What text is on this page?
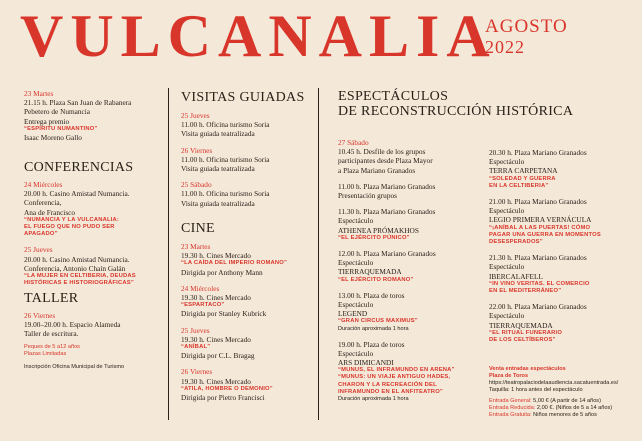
VULCANALIA
AGOSTO
2022
23 Martes
21.15 h. Plaza San Juan de Rabanera
Pebetero de Numancia
Entrega premio
“ESPÍRITU NUMANTINO”
Isaac Moreno Gallo
CONFERENCIAS
24 Miércoles
20.00 h. Casino Amistad Numancia.
Conferencia,
Ana de Francisco
“NUMANCIA Y LA VULCANALIA:
EL FUEGO QUE NO PUDO SER
APAGADO”
25 Jueves
20.00 h. Casino Amistad Numancia.
Conferencia, Antonio Chaín Galán
“LA MUJER EN CELTIBERIA, DEUDAS
HISTÓRICAS E HISTORIOGRÁFICAS”
TALLER
26 Viernes
19.00–20.00 h. Espacio Alameda
Taller de escritura.
Peques de 5 a12 años
Plazas Limitadas
Inscripción Oficina Municipal de Turismo
VISITAS GUIADAS
25 Jueves
11.00 h. Oficina turismo Soria
Visita guiada teatralizada
26 Viernes
11.00 h. Oficina turismo Soria
Visita guiada teatralizada
25 Sábado
11.00 h. Oficina turismo Soria
Visita guiada teatralizada
CINE
23 Martes
19.30 h. Cines Mercado
“LA CAÍDA DEL IMPERIO ROMANO”
Dirigida por Anthony Mann
24 Miércoles
19.30 h. Cines Mercado
“ESPARTACO”
Dirigida por Stanley Kubrick
25 Jueves
19.30 h. Cines Mercado
“ANÍBAL”
Dirigida por C.L. Bragag
26 Viernes
19.30 h. Cines Mercado
“ATILA, HOMBRE O DEMONIO”
Dirigida por Pietro Francisci
ESPECTÁCULOS
DE RECONSTRUCCIÓN HISTÓRICA
27 Sábado
10.45 h. Desfile de los grupos
participantes desde Plaza Mayor
a Plaza Mariano Granados
11.00 h. Plaza Mariano Granados
Presentación grupos
11.30 h. Plaza Mariano Granados
Espectáculo
ATHENEA PRÓMAKHOS
“EL EJÉRCITO PÚNICO”
12.00 h. Plaza Mariano Granados
Espectáculo
TIERRAQUEMADA
“EL EJÉRCITO ROMANO”
13.00 h. Plaza de toros
Espectáculo
LEGEND
“GRAN CIRCUS MAXIMUS”
Duración aproximada 1 hora
19.00 h. Plaza de toros
Espectáculo
ARS DIMICANDI
“MUNUS, EL INFRAMUNDO EN ARENA”
“MUNUS: UN VIAJE ANTIGUO HADES,
CHARON Y LA RECREACIÓN DEL
INFRAMUNDO EN EL ANFITEATRO”
Duración aproximada 1 hora
20.30 h. Plaza Mariano Granados
Espectáculo
TERRA CARPETANA
“SOLEDAD Y GUERRA
EN LA CELTIBERIA”
21.00 h. Plaza Mariano Granados
Espectáculo
LEGIO PRIMERA VERNÁCULA
“¡ANÍBAL A LAS PUERTAS! CÓMO
PAGAR UNA GUERRA EN MOMENTOS
DESESPERADOS”
21.30 h. Plaza Mariano Granados
Espectáculo
IBERCALAFELL
“IN VINO VERITAS. EL COMERCIO
EN EL MEDITERRÁNEO”
22.00 h. Plaza Mariano Granados
Espectáculo
TIERRAQUEMADA
“EL RITUAL FUNERARIO
DE LOS CELTÍBEROS”
Venta entradas espectáculos
Plaza de Toros
https://teatropalaciodelaaudiencia.sacatuentrada.es/
Taquilla: 1 hora antes del espectáculo
Entrada General: 5,00 € (A partir de 14 años)
Entrada Reducida: 2,00 €. (Niños de 5 a 14 años)
Entrada Gratuita: Niños menores de 5 años
